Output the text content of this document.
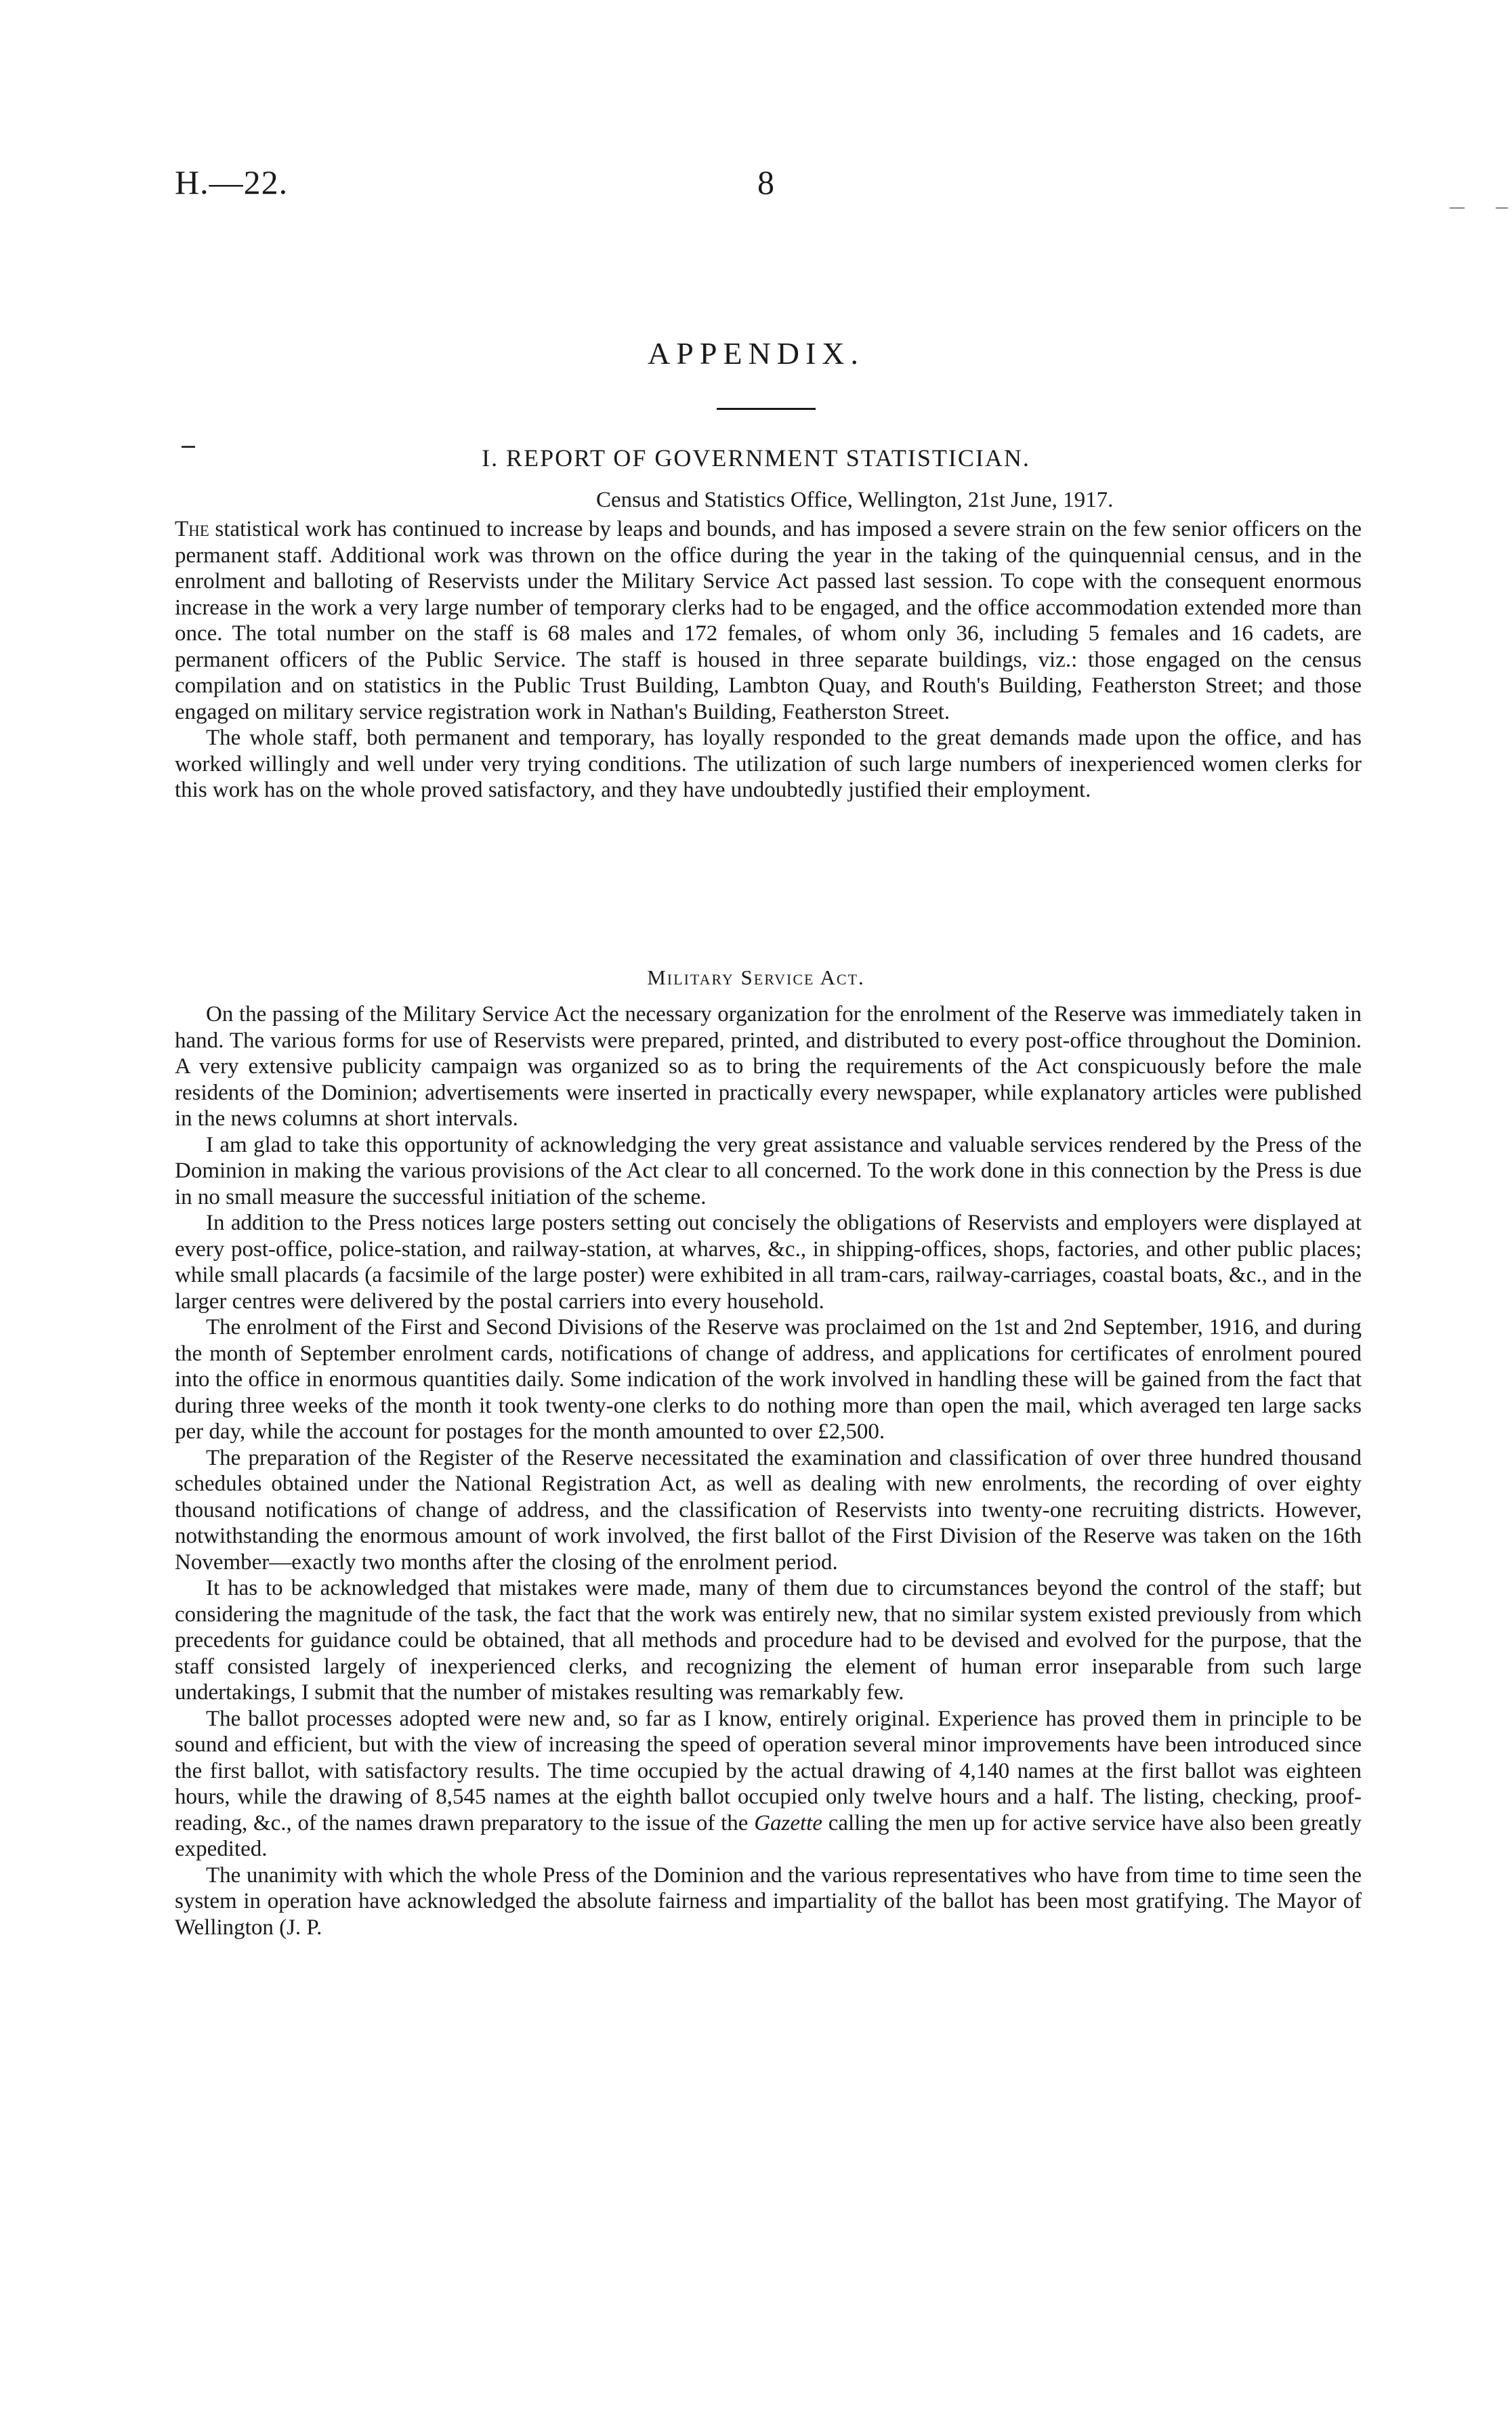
H.—22.	8
APPENDIX.
I. REPORT OF GOVERNMENT STATISTICIAN.
Census and Statistics Office, Wellington, 21st June, 1917.

The statistical work has continued to increase by leaps and bounds, and has imposed a severe strain on the few senior officers on the permanent staff. Additional work was thrown on the office during the year in the taking of the quinquennial census, and in the enrolment and balloting of Reservists under the Military Service Act passed last session. To cope with the consequent enormous increase in the work a very large number of temporary clerks had to be engaged, and the office accommodation extended more than once. The total number on the staff is 68 males and 172 females, of whom only 36, including 5 females and 16 cadets, are permanent officers of the Public Service. The staff is housed in three separate buildings, viz.: those engaged on the census compilation and on statistics in the Public Trust Building, Lambton Quay, and Routh's Building, Featherston Street; and those engaged on military service registration work in Nathan's Building, Featherston Street.

The whole staff, both permanent and temporary, has loyally responded to the great demands made upon the office, and has worked willingly and well under very trying conditions. The utilization of such large numbers of inexperienced women clerks for this work has on the whole proved satisfactory, and they have undoubtedly justified their employment.

Military Service Act.

On the passing of the Military Service Act the necessary organization for the enrolment of the Reserve was immediately taken in hand. The various forms for use of Reservists were prepared, printed, and distributed to every post-office throughout the Dominion. A very extensive publicity campaign was organized so as to bring the requirements of the Act conspicuously before the male residents of the Dominion; advertisements were inserted in practically every newspaper, while explanatory articles were published in the news columns at short intervals.

I am glad to take this opportunity of acknowledging the very great assistance and valuable services rendered by the Press of the Dominion in making the various provisions of the Act clear to all concerned. To the work done in this connection by the Press is due in no small measure the successful initiation of the scheme.

In addition to the Press notices large posters setting out concisely the obligations of Reservists and employers were displayed at every post-office, police-station, and railway-station, at wharves, &c., in shipping-offices, shops, factories, and other public places; while small placards (a facsimile of the large poster) were exhibited in all tram-cars, railway-carriages, coastal boats, &c., and in the larger centres were delivered by the postal carriers into every household.

The enrolment of the First and Second Divisions of the Reserve was proclaimed on the 1st and 2nd September, 1916, and during the month of September enrolment cards, notifications of change of address, and applications for certificates of enrolment poured into the office in enormous quantities daily. Some indication of the work involved in handling these will be gained from the fact that during three weeks of the month it took twenty-one clerks to do nothing more than open the mail, which averaged ten large sacks per day, while the account for postages for the month amounted to over £2,500.

The preparation of the Register of the Reserve necessitated the examination and classification of over three hundred thousand schedules obtained under the National Registration Act, as well as dealing with new enrolments, the recording of over eighty thousand notifications of change of address, and the classification of Reservists into twenty-one recruiting districts. However, notwithstanding the enormous amount of work involved, the first ballot of the First Division of the Reserve was taken on the 16th November—exactly two months after the closing of the enrolment period.

It has to be acknowledged that mistakes were made, many of them due to circumstances beyond the control of the staff; but considering the magnitude of the task, the fact that the work was entirely new, that no similar system existed previously from which precedents for guidance could be obtained, that all methods and procedure had to be devised and evolved for the purpose, that the staff consisted largely of inexperienced clerks, and recognizing the element of human error inseparable from such large undertakings, I submit that the number of mistakes resulting was remarkably few.

The ballot processes adopted were new and, so far as I know, entirely original. Experience has proved them in principle to be sound and efficient, but with the view of increasing the speed of operation several minor improvements have been introduced since the first ballot, with satisfactory results. The time occupied by the actual drawing of 4,140 names at the first ballot was eighteen hours, while the drawing of 8,545 names at the eighth ballot occupied only twelve hours and a half. The listing, checking, proof-reading, &c., of the names drawn preparatory to the issue of the Gazette calling the men up for active service have also been greatly expedited.

The unanimity with which the whole Press of the Dominion and the various representatives who have from time to time seen the system in operation have acknowledged the absolute fairness and impartiality of the ballot has been most gratifying. The Mayor of Wellington (J. P.
